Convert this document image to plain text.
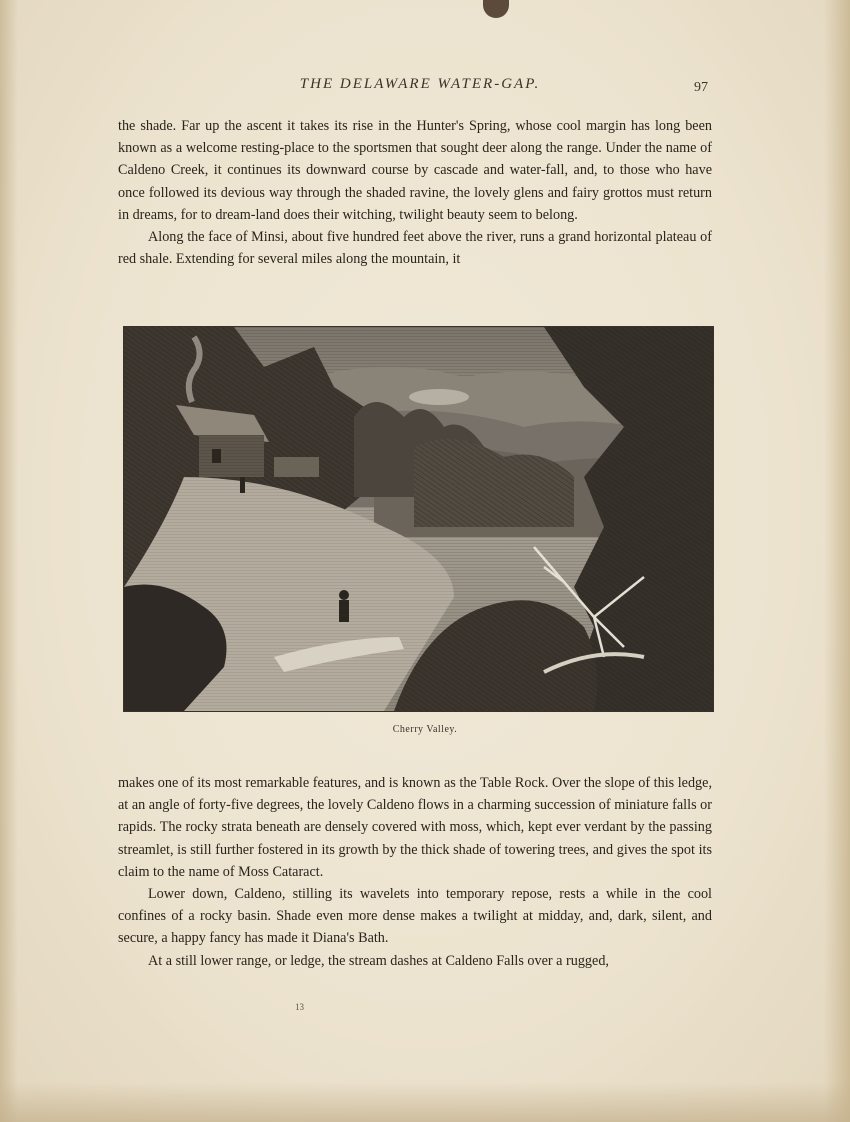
THE DELAWARE WATER-GAP.	97

the shade. Far up the ascent it takes its rise in the Hunter's Spring, whose cool margin has long been known as a welcome resting-place to the sportsmen that sought deer along the range. Under the name of Caldeno Creek, it continues its downward course by cascade and water-fall, and, to those who have once followed its devious way through the shaded ravine, the lovely glens and fairy grottos must return in dreams, for to dream-land does their witching, twilight beauty seem to belong.

Along the face of Minsi, about five hundred feet above the river, runs a grand horizontal plateau of red shale. Extending for several miles along the mountain, it

Cherry Valley.

makes one of its most remarkable features, and is known as the Table Rock. Over the slope of this ledge, at an angle of forty-five degrees, the lovely Caldeno flows in a charming succession of miniature falls or rapids. The rocky strata beneath are densely covered with moss, which, kept ever verdant by the passing streamlet, is still further fostered in its growth by the thick shade of towering trees, and gives the spot its claim to the name of Moss Cataract.

Lower down, Caldeno, stilling its wavelets into temporary repose, rests a while in the cool confines of a rocky basin. Shade even more dense makes a twilight at midday, and, dark, silent, and secure, a happy fancy has made it Diana's Bath.

At a still lower range, or ledge, the stream dashes at Caldeno Falls over a rugged,

13
